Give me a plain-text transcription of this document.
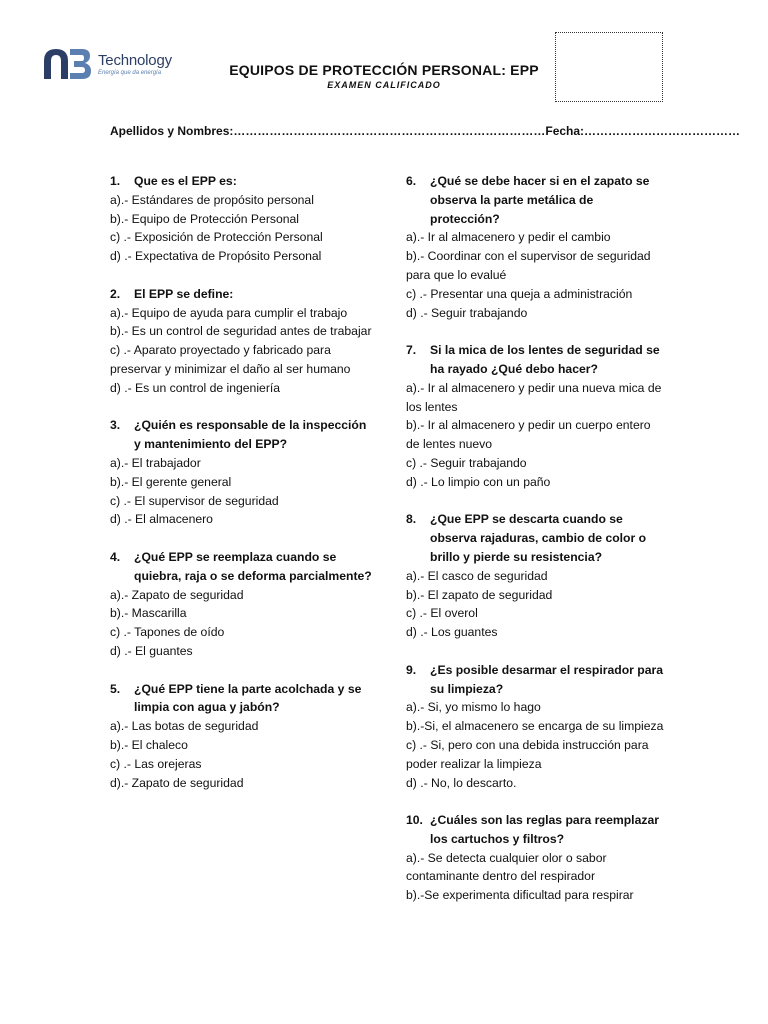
Technology
Energía que da energía	EQUIPOS DE PROTECCIÓN PERSONAL: EPP
EXAMEN CALIFICADO
Apellidos y Nombres:……………………………………………………………………Fecha:…………………………………
1.	Que es el EPP es:
a).- Estándares de propósito personal
b).- Equipo de Protección Personal
c) .- Exposición de Protección Personal
d) .- Expectativa de Propósito Personal
2.	El EPP se define:
a).- Equipo de ayuda para cumplir el trabajo
b).- Es un control de seguridad antes de trabajar
c) .- Aparato proyectado y fabricado para preservar y minimizar el daño al ser humano
d) .- Es un control de ingeniería
3.	¿Quién es responsable de la inspección y mantenimiento del EPP?
a).- El trabajador
b).- El gerente general
c) .- El supervisor de seguridad
d) .- El almacenero
4.	¿Qué EPP se reemplaza cuando se quiebra, raja o se deforma parcialmente?
a).- Zapato de seguridad
b).- Mascarilla
c) .- Tapones de oído
d) .- El guantes
5.	¿Qué EPP tiene la parte acolchada y se limpia con agua y jabón?
a).- Las botas de seguridad
b).- El chaleco
c) .- Las orejeras
d).- Zapato de seguridad
6.	¿Qué se debe hacer si en el zapato se observa la parte metálica de protección?
a).- Ir al almacenero y pedir el cambio
b).- Coordinar con el supervisor de seguridad para que lo evalué
c) .- Presentar una queja a administración
d) .- Seguir trabajando
7.	Si la mica de los lentes de seguridad se ha rayado ¿Qué debo hacer?
a).- Ir al almacenero y pedir una nueva mica de los lentes
b).- Ir al almacenero y pedir un cuerpo entero de lentes nuevo
c) .- Seguir trabajando
d) .- Lo limpio con un paño
8.	¿Que EPP se descarta cuando se observa rajaduras, cambio de color o brillo y pierde su resistencia?
a).- El casco de seguridad
b).- El zapato de seguridad
c) .- El overol
d) .- Los guantes
9.	¿Es posible desarmar el respirador para su limpieza?
a).- Si, yo mismo lo hago
b).-Si, el almacenero se encarga de su limpieza
c) .- Si, pero con una debida instrucción para poder realizar la limpieza
d) .- No, lo descarto.
10. ¿Cuáles son las reglas para reemplazar los cartuchos y filtros?
a).- Se detecta cualquier olor o sabor contaminante dentro del respirador
b).-Se experimenta dificultad para respirar
